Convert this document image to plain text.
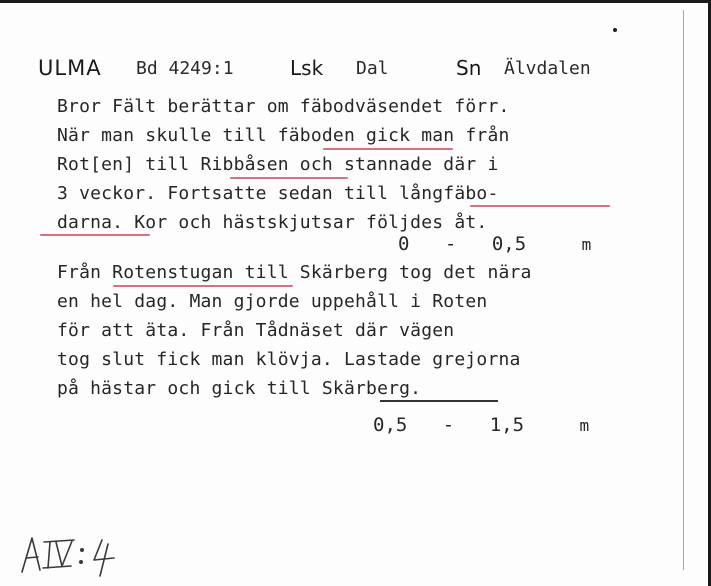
ULMA Bd 4249:1	Lsk Dal	Sn Älvdalen
Bror Fält berättar om fäbodväsendet förr.
När man skulle till fäboden gick man från
Rot[en] till Ribbåsen och stannade där i
3 veckor. Fortsatte sedan till långfäbo-
darna. Kor och hästskjutsar följdes åt.
0 - 0,5	m
Från Rotenstugan till Skärberg tog det nära
en hel dag. Man gjorde uppehåll i Roten
för att äta. Från Tådnäset där vägen
tog slut fick man klövja. Lastade grejorna
på hästar och gick till Skärberg.
0,5 - 1,5	m
